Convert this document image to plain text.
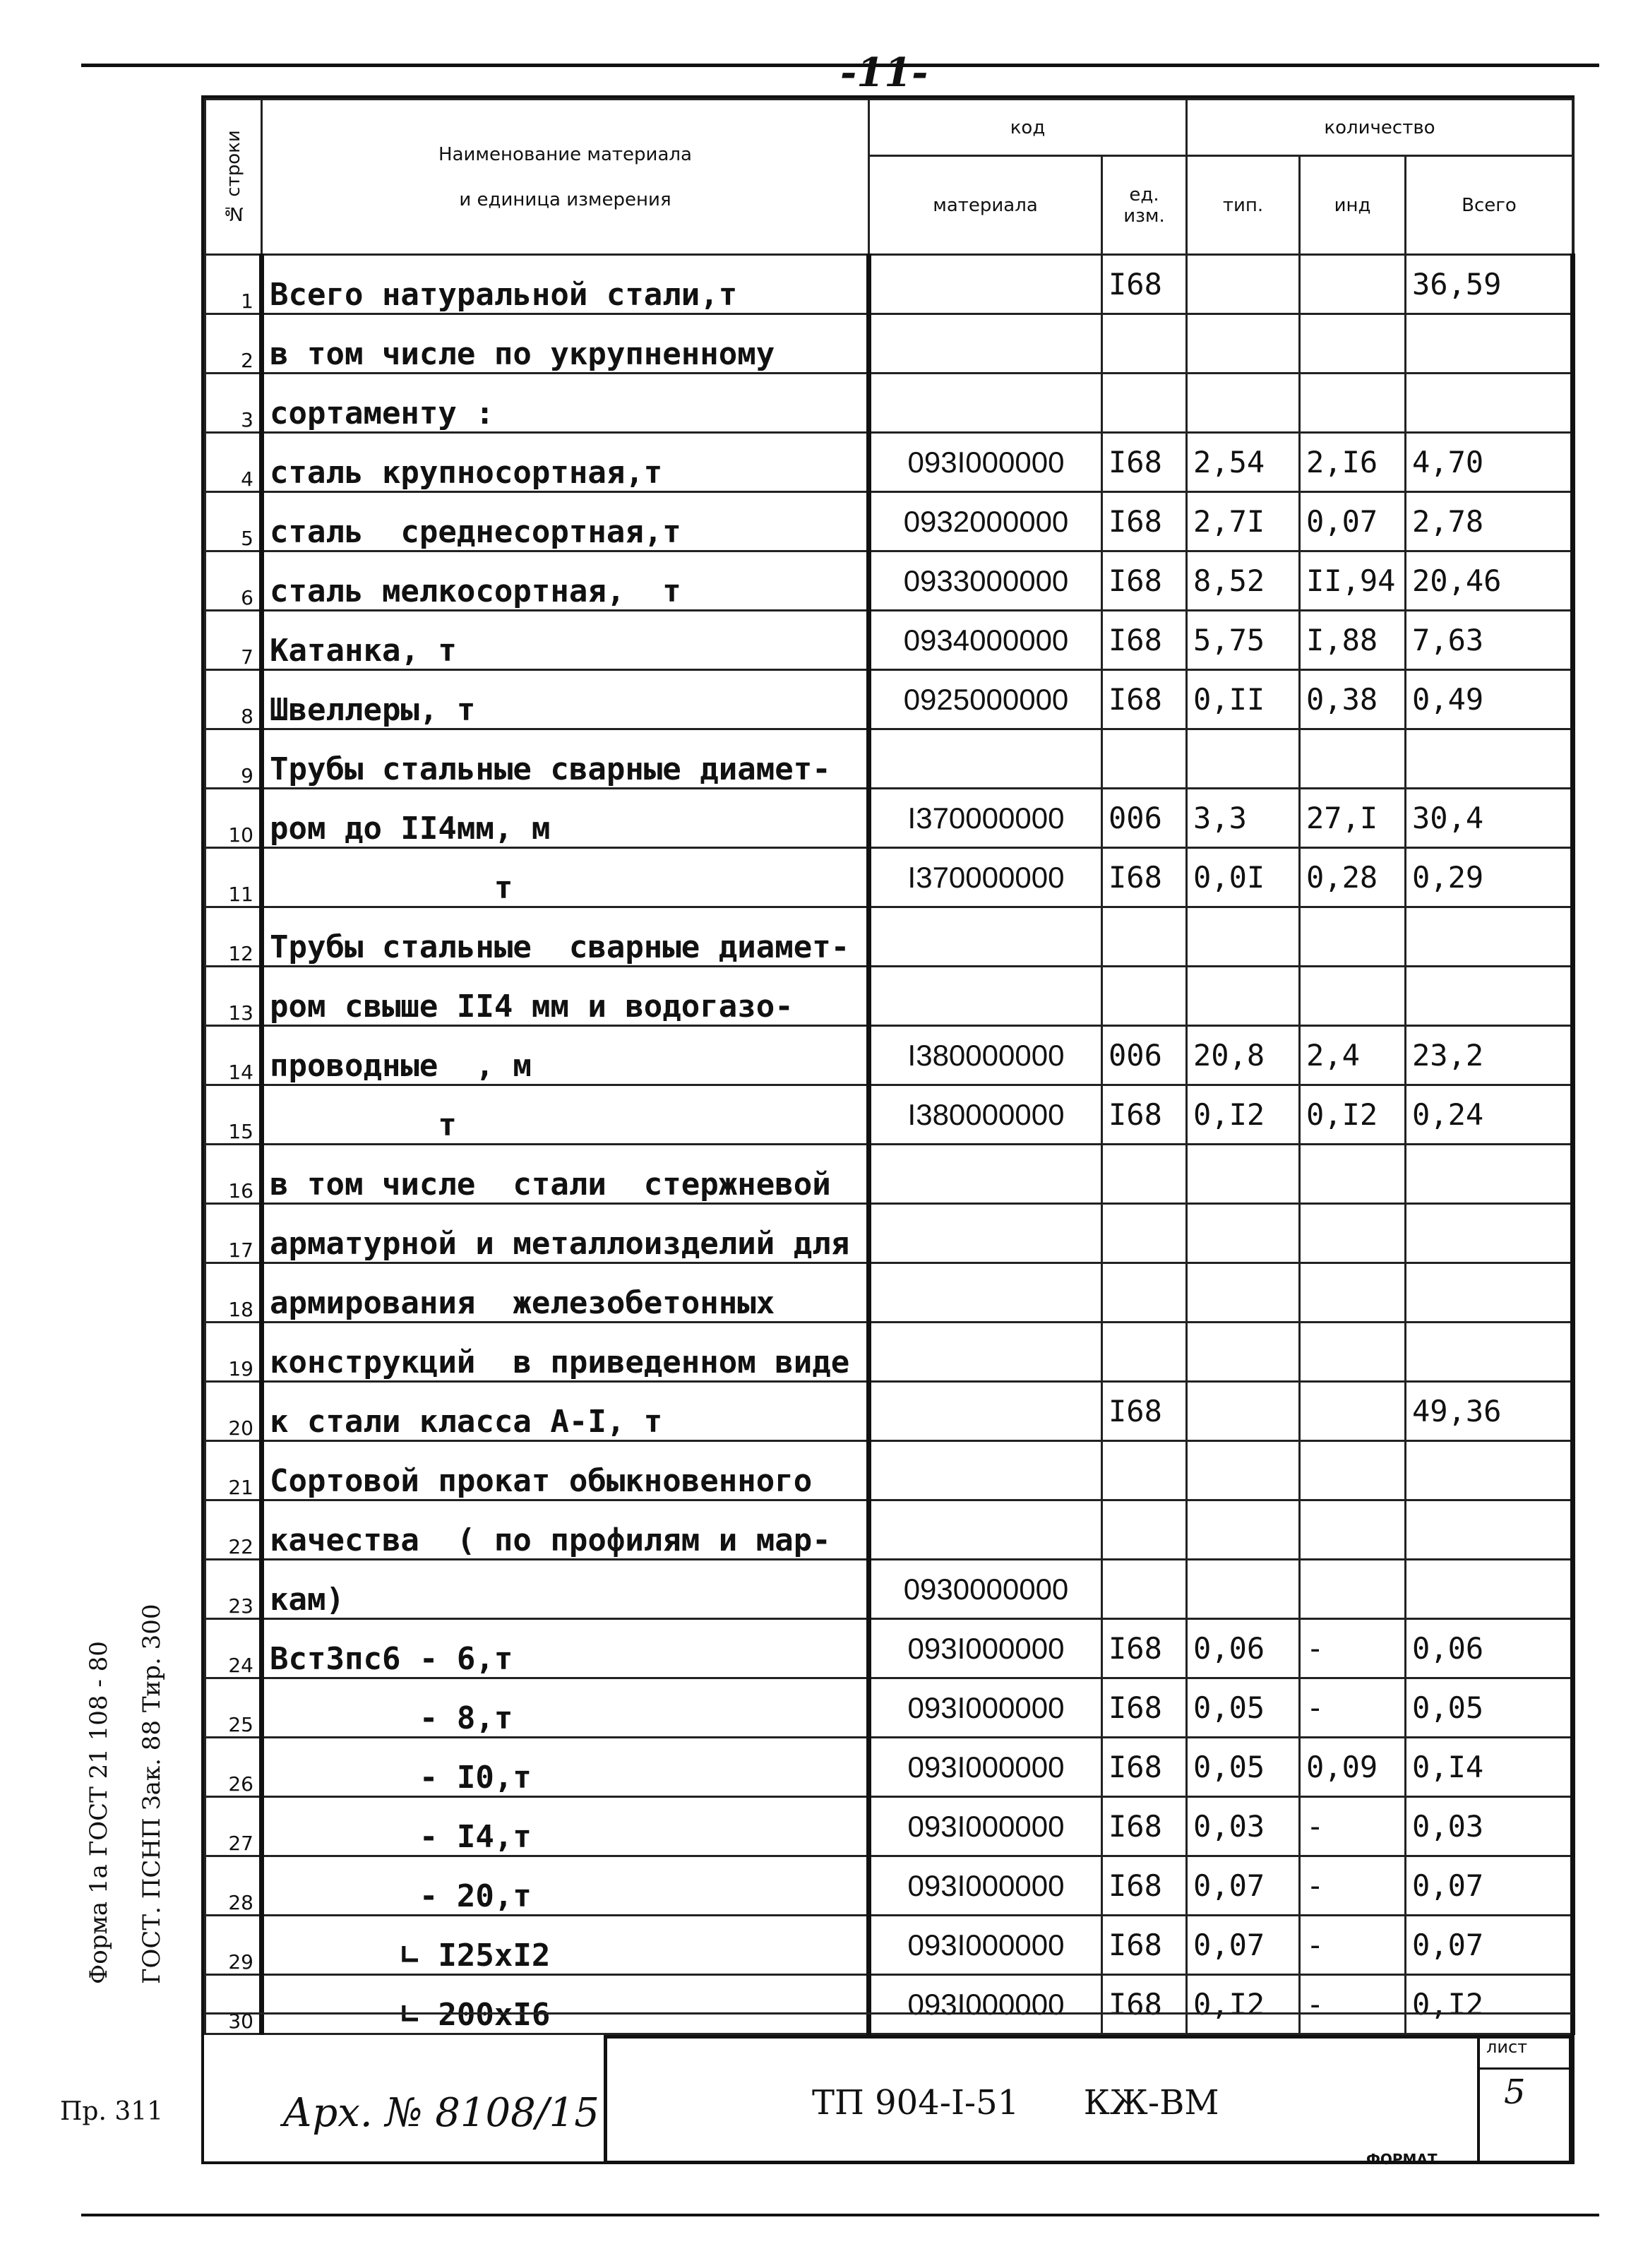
-11-
№ строки	Наименование материала
и единица измерения	код		количество		
		материала	ед. изм.	тип.	инд	Всего
1	Всего натуральной стали,т		I68			36,59
2	в том числе по укрупненному					
3	сортаменту :					
4	сталь крупносортная,т	093I000000	I68	2,54	2,I6	4,70
5	сталь  среднесортная,т	0932000000	I68	2,7I	0,07	2,78
6	сталь мелкосортная,  т	0933000000	I68	8,52	II,94	20,46
7	Катанка, т	0934000000	I68	5,75	I,88	7,63
8	Швеллеры, т	0925000000	I68	0,II	0,38	0,49
9	Трубы стальные сварные диамет-					
10	ром до II4мм, м	I370000000	006	3,3	27,I	30,4
11	т	I370000000	I68	0,0I	0,28	0,29
12	Трубы стальные  сварные диамет-					
13	ром свыше II4 мм и водогазо-					
14	проводные  , м	I380000000	006	20,8	2,4	23,2
15	т	I380000000	I68	0,I2	0,I2	0,24
16	в том числе  стали  стержневой					
17	арматурной и металлоизделий для					
18	армирования  железобетонных					
19	конструкций  в приведенном виде					
20	к стали класса A-I, т		I68			49,36
21	Сортовой прокат обыкновенного					
22	качества  ( по профилям и мар-					
23	кам)	0930000000				
24	Вст3пс6 - 6,т	093I000000	I68	0,06	-	0,06
25	- 8,т	093I000000	I68	0,05	-	0,05
26	- I0,т	093I000000	I68	0,05	0,09	0,I4
27	- I4,т	093I000000	I68	0,03	-	0,03
28	- 20,т	093I000000	I68	0,07	-	0,07
29	∟ I25xI2	093I000000	I68	0,07	-	0,07
30	∟ 200xI6	093I000000	I68	0,I2	-	0,I2
Арх. № 8108/15	ТП 904-I-51      КЖ-ВМ
лист
5
ФОРМАТ
Форма 1а ГОСТ 21 108 - 80 ГОСТ. ПСНП Зак. 88 Тир. 300
Пр. 311
